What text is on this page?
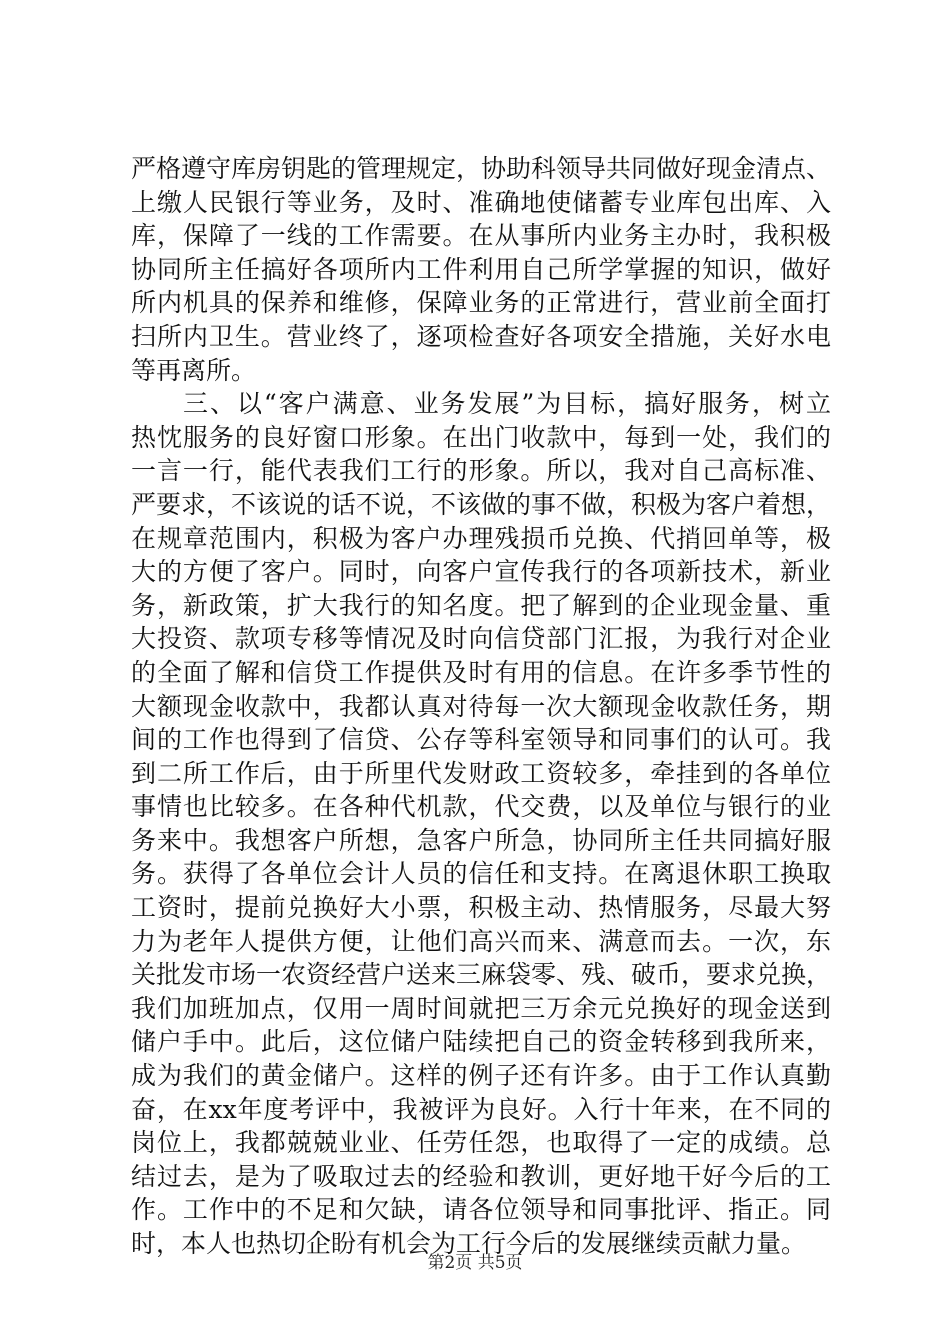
严格遵守库房钥匙的管理规定，协助科领导共同做好现金清点、
上缴人民银行等业务，及时、准确地使储蓄专业库包出库、入
库，保障了一线的工作需要。在从事所内业务主办时，我积极
协同所主任搞好各项所内工件利用自己所学掌握的知识，做好
所内机具的保养和维修，保障业务的正常进行，营业前全面打
扫所内卫生。营业终了，逐项检查好各项安全措施，关好水电
等再离所。
三、以“客户满意、业务发展”为目标，搞好服务，树立
热忱服务的良好窗口形象。在出门收款中，每到一处，我们的
一言一行，能代表我们工行的形象。所以，我对自己高标准、
严要求，不该说的话不说，不该做的事不做，积极为客户着想，
在规章范围内，积极为客户办理残损币兑换、代捎回单等，极
大的方便了客户。同时，向客户宣传我行的各项新技术，新业
务，新政策，扩大我行的知名度。把了解到的企业现金量、重
大投资、款项专移等情况及时向信贷部门汇报，为我行对企业
的全面了解和信贷工作提供及时有用的信息。在许多季节性的
大额现金收款中，我都认真对待每一次大额现金收款任务，期
间的工作也得到了信贷、公存等科室领导和同事们的认可。我
到二所工作后，由于所里代发财政工资较多，牵挂到的各单位
事情也比较多。在各种代机款，代交费，以及单位与银行的业
务来中。我想客户所想，急客户所急，协同所主任共同搞好服
务。获得了各单位会计人员的信任和支持。在离退休职工换取
工资时，提前兑换好大小票，积极主动、热情服务，尽最大努
力为老年人提供方便，让他们高兴而来、满意而去。一次，东
关批发市场一农资经营户送来三麻袋零、残、破币，要求兑换，
我们加班加点，仅用一周时间就把三万余元兑换好的现金送到
储户手中。此后，这位储户陆续把自己的资金转移到我所来，
成为我们的黄金储户。这样的例子还有许多。由于工作认真勤
奋，在xx年度考评中，我被评为良好。入行十年来，在不同的
岗位上，我都兢兢业业、任劳任怨，也取得了一定的成绩。总
结过去，是为了吸取过去的经验和教训，更好地干好今后的工
作。工作中的不足和欠缺，请各位领导和同事批评、指正。同
时，本人也热切企盼有机会为工行今后的发展继续贡献力量。
第2页 共5页
